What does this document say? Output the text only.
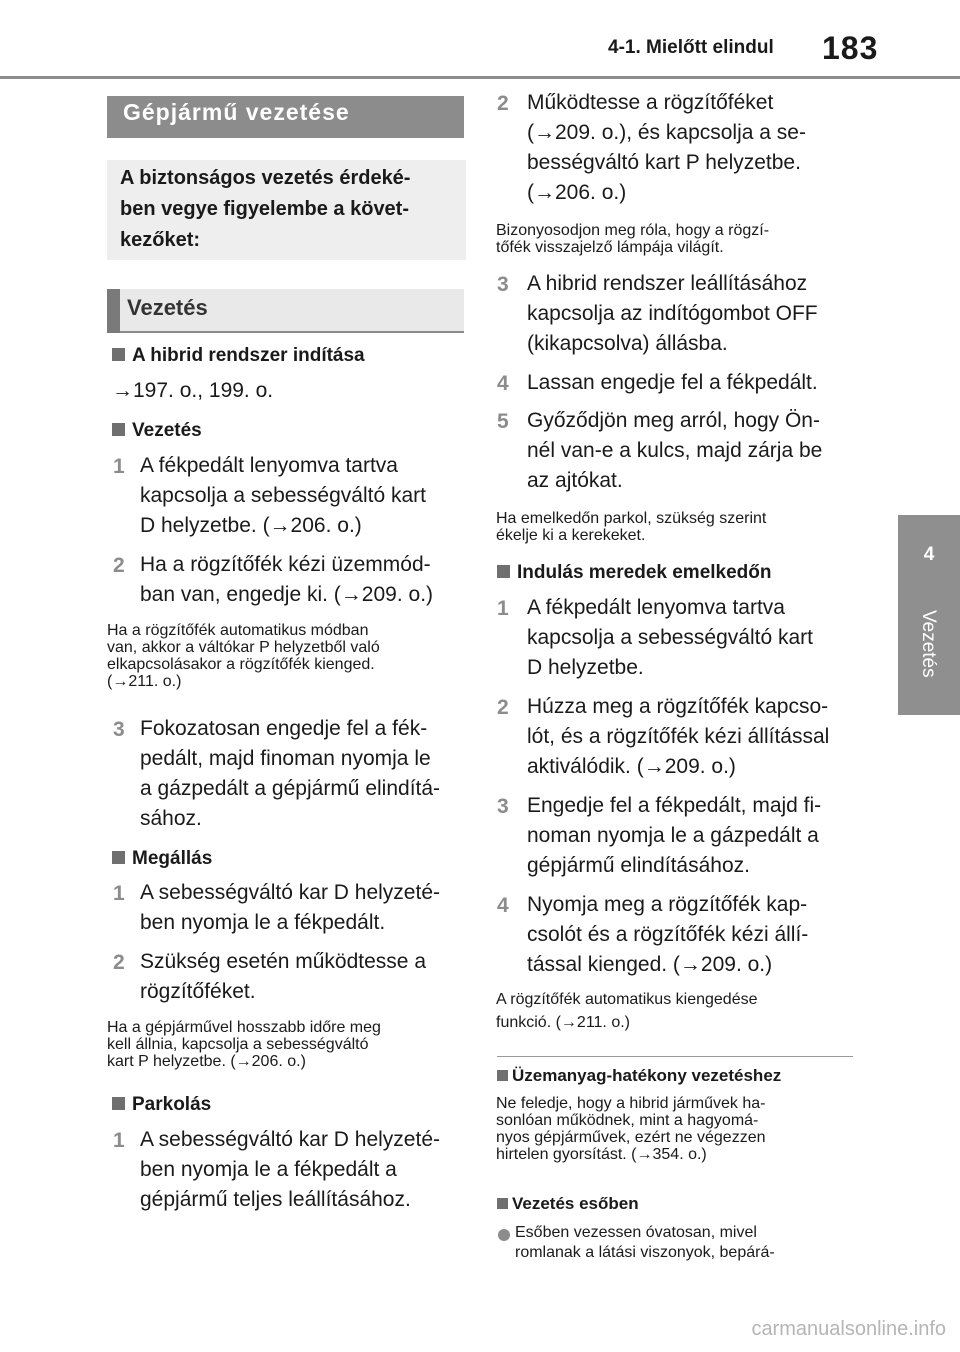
4-1. Mielőtt elindul 183
4
Vezetés
Gépjármű vezetése
A biztonságos vezetés érdeké-
ben vegye figyelembe a követ-
kezőket:
Vezetés
A hibrid rendszer indítása
→197. o., 199. o.
Vezetés
1 A fékpedált lenyomva tartva
kapcsolja a sebességváltó kart
D helyzetbe. (→206. o.)
2 Ha a rögzítőfék kézi üzemmód-
ban van, engedje ki. (→209. o.)
Ha a rögzítőfék automatikus módban
van, akkor a váltókar P helyzetből való
elkapcsolásakor a rögzítőfék kienged.
(→211. o.)
3 Fokozatosan engedje fel a fék-
pedált, majd finoman nyomja le
a gázpedált a gépjármű elindítá-
sához.
Megállás
1 A sebességváltó kar D helyzeté-
ben nyomja le a fékpedált.
2 Szükség esetén működtesse a
rögzítőféket.
Ha a gépjárművel hosszabb időre meg
kell állnia, kapcsolja a sebességváltó
kart P helyzetbe. (→206. o.)
Parkolás
1 A sebességváltó kar D helyzeté-
ben nyomja le a fékpedált a
gépjármű teljes leállításához.
2 Működtesse a rögzítőféket
(→209. o.), és kapcsolja a se-
bességváltó kart P helyzetbe.
(→206. o.)
Bizonyosodjon meg róla, hogy a rögzí-
tőfék visszajelző lámpája világít.
3 A hibrid rendszer leállításához
kapcsolja az indítógombot OFF
(kikapcsolva) állásba.
4 Lassan engedje fel a fékpedált.
5 Győződjön meg arról, hogy Ön-
nél van-e a kulcs, majd zárja be
az ajtókat.
Ha emelkedőn parkol, szükség szerint
ékelje ki a kerekeket.
Indulás meredek emelkedőn
1 A fékpedált lenyomva tartva
kapcsolja a sebességváltó kart
D helyzetbe.
2 Húzza meg a rögzítőfék kapcso-
lót, és a rögzítőfék kézi állítással
aktiválódik. (→209. o.)
3 Engedje fel a fékpedált, majd fi-
noman nyomja le a gázpedált a
gépjármű elindításához.
4 Nyomja meg a rögzítőfék kap-
csolót és a rögzítőfék kézi állí-
tással kienged. (→209. o.)
A rögzítőfék automatikus kiengedése
funkció. (→211. o.)
Üzemanyag-hatékony vezetéshez
Ne feledje, hogy a hibrid járművek ha-
sonlóan működnek, mint a hagyomá-
nyos gépjárművek, ezért ne végezzen
hirtelen gyorsítást. (→354. o.)
Vezetés esőben
Esőben vezessen óvatosan, mivel
romlanak a látási viszonyok, bepárá-
carmanualsonline.info
